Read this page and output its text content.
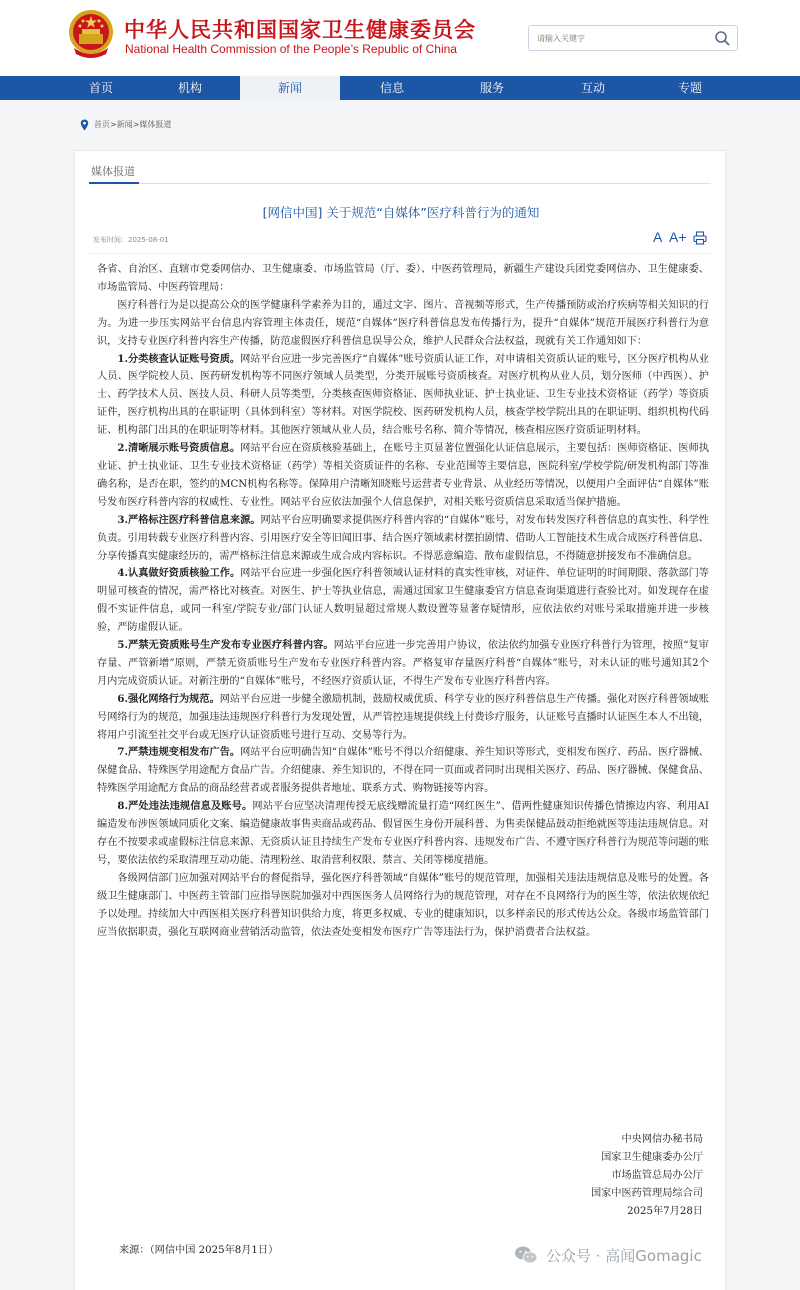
中华人民共和国国家卫生健康委员会
National Health Commission of the People’s Republic of China
请输入关键字
首页	机构	新闻	信息	服务	互动	专题
首页>新闻>媒体报道
媒体报道
[网信中国] 关于规范“自媒体”医疗科普行为的通知
发布时间：2025-08-01	A A+

各省、自治区、直辖市党委网信办、卫生健康委、市场监管局（厅、委）、中医药管理局，新疆生产建设兵团党委网信办、卫生健康委、市场监管局、中医药管理局：

医疗科普行为是以提高公众的医学健康科学素养为目的，通过文字、图片、音视频等形式，生产传播预防或治疗疾病等相关知识的行为。为进一步压实网站平台信息内容管理主体责任，规范“自媒体”医疗科普信息发布传播行为，提升“自媒体”规范开展医疗科普行为意识，支持专业医疗科普内容生产传播，防范虚假医疗科普信息误导公众，维护人民群众合法权益，现就有关工作通知如下：

1.分类核查认证账号资质。网站平台应进一步完善医疗“自媒体”账号资质认证工作，对申请相关资质认证的账号，区分医疗机构从业人员、医学院校人员、医药研发机构等不同医疗领域人员类型，分类开展账号资质核查。对医疗机构从业人员，划分医师（中西医）、护士、药学技术人员、医技人员、科研人员等类型，分类核查医师资格证、医师执业证、护士执业证、卫生专业技术资格证（药学）等资质证件，医疗机构出具的在职证明（具体到科室）等材料。对医学院校、医药研发机构人员，核查学校学院出具的在职证明、组织机构代码证、机构部门出具的在职证明等材料。其他医疗领域从业人员，结合账号名称、简介等情况，核查相应医疗资质证明材料。

2.清晰展示账号资质信息。网站平台应在资质核验基础上，在账号主页显著位置强化认证信息展示，主要包括：医师资格证、医师执业证、护士执业证、卫生专业技术资格证（药学）等相关资质证件的名称、专业范围等主要信息，医院科室/学校学院/研发机构部门等准确名称，是否在职，签约的MCN机构名称等。保障用户清晰知晓账号运营者专业背景、从业经历等情况，以便用户全面评估“自媒体”账号发布医疗科普内容的权威性、专业性。网站平台应依法加强个人信息保护，对相关账号资质信息采取适当保护措施。

3.严格标注医疗科普信息来源。网站平台应明确要求提供医疗科普内容的“自媒体”账号，对发布转发医疗科普信息的真实性、科学性负责。引用转载专业医疗科普内容、引用医疗安全等旧闻旧事、结合医疗领域素材摆拍剧情、借助人工智能技术生成合成医疗科普信息、分享传播真实健康经历的，需严格标注信息来源或生成合成内容标识。不得恶意编造、散布虚假信息，不得随意拼接发布不准确信息。

4.认真做好资质核验工作。网站平台应进一步强化医疗科普领域认证材料的真实性审核，对证件、单位证明的时间期限、落款部门等明显可核查的情况，需严格比对核查。对医生、护士等执业信息，需通过国家卫生健康委官方信息查询渠道进行查验比对。如发现存在虚假不实证件信息，或同一科室/学院专业/部门认证人数明显超过常规人数设置等显著存疑情形，应依法依约对账号采取措施并进一步核验，严防虚假认证。

5.严禁无资质账号生产发布专业医疗科普内容。网站平台应进一步完善用户协议，依法依约加强专业医疗科普行为管理，按照“复审存量、严管新增”原则，严禁无资质账号生产发布专业医疗科普内容。严格复审存量医疗科普“自媒体”账号，对未认证的账号通知其2个月内完成资质认证。对新注册的“自媒体”账号，不经医疗资质认证，不得生产发布专业医疗科普内容。

6.强化网络行为规范。网站平台应进一步健全激励机制，鼓励权威优质、科学专业的医疗科普信息生产传播。强化对医疗科普领域账号网络行为的规范，加强违法违规医疗科普行为发现处置，从严管控违规提供线上付费诊疗服务，认证账号直播时认证医生本人不出镜，将用户引流至社交平台或无医疗认证资质账号进行互动、交易等行为。

7.严禁违规变相发布广告。网站平台应明确告知“自媒体”账号不得以介绍健康、养生知识等形式，变相发布医疗、药品、医疗器械、保健食品、特殊医学用途配方食品广告。介绍健康、养生知识的，不得在同一页面或者同时出现相关医疗、药品、医疗器械、保健食品、特殊医学用途配方食品的商品经营者或者服务提供者地址、联系方式、购物链接等内容。

8.严处违法违规信息及账号。网站平台应坚决清理传授无底线赠流量打造“网红医生”、借两性健康知识传播色情擦边内容、利用AI编造发布涉医领域同质化文案、编造健康故事售卖商品或药品、假冒医生身份开展科普、为售卖保健品鼓动拒绝就医等违法违规信息。对存在不按要求或虚假标注信息来源、无资质认证且持续生产发布专业医疗科普内容、违规发布广告、不遵守医疗科普行为规范等问题的账号，要依法依约采取清理互动功能、清理粉丝、取消营利权限、禁言、关闭等梯度措施。

各级网信部门应加强对网站平台的督促指导，强化医疗科普领域“自媒体”账号的规范管理，加强相关违法违规信息及账号的处置。各级卫生健康部门、中医药主管部门应指导医院加强对中西医医务人员网络行为的规范管理，对存在不良网络行为的医生等，依法依规依纪予以处理。持续加大中西医相关医疗科普知识供给力度，将更多权威、专业的健康知识，以多样亲民的形式传达公众。各级市场监管部门应当依据职责，强化互联网商业营销活动监管，依法查处变相发布医疗广告等违法行为，保护消费者合法权益。

中央网信办秘书局
国家卫生健康委办公厅
市场监管总局办公厅
国家中医药管理局综合司
2025年7月28日
来源：（网信中国 2025年8月1日）	公众号 · 高闻Gomagic
